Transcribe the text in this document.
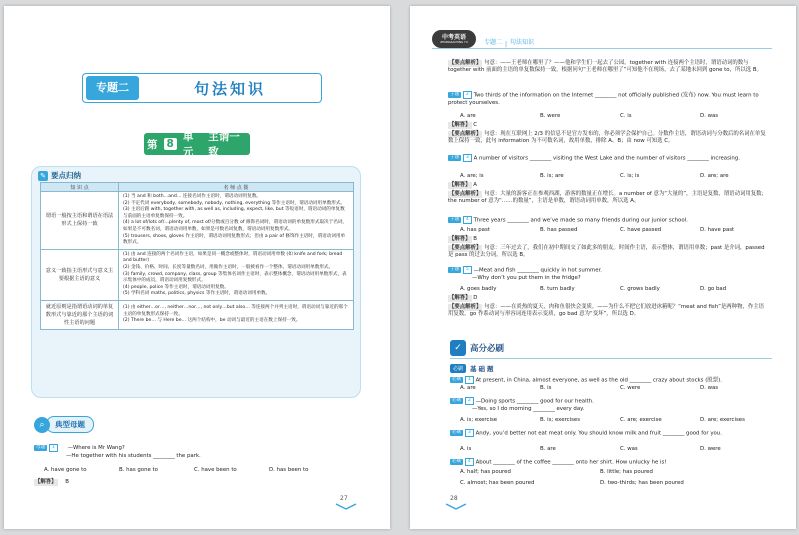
专题二	句法知识
第 8
单元
主谓一致
✎ 要点归纳
知 识 点	名 师 点 拨
谓语一般按主语和谓语在语法形式上保持一致	(1) 当 and 和 both…and… 连接名词作主语时，谓语动词用复数。
(2) 不定代词 everybody, somebody, nobody, nothing, everything 等作主语时，谓语动词用单数形式。
(3) 主语后跟 with, together with, as well as, including, expect, like, but 等短语时，谓语动词的单复数与前面的主语单复数保持一致。
(4) a lot of/lots of/…plenty of, most of/分数或百分数 of 修饰名词时，谓语动词的单复数形式取决于名词，如果是不可数名词，谓语动词用单数，如果是可数名词复数，谓语动词用复数形式。
(5) trousers, shoes, gloves 作主语时，谓语动词用复数形式；但由 a pair of 修饰作主语时，谓语动词用单数形式。

意义一致指主语形式与意义主要根据主语的意义	(1) 由 and 连接的两个名词作主语，如果是同一概念或整体时，谓语动词用单数 (如 knife and fork; bread and butter)
(2) 金钱、价格、时间、长度等量数名词，用做作主语时，一般被看作一个整体，谓语动词用单数形式。
(3) family, crowd, company, class, group 等集体名词作主语时，表示整体概念，谓语动词用单数形式，表示集体中的成员，谓语动词用复数形式。
(4) people, police 等作主语时，谓语动词用复数。
(5) 学科名词 maths, politics, physics 等作主语时，谓语动词用单数。

就近原则是指谓语动词的单复数形式与靠近的那个主语的词性主语的问题	(1) 由 either…or…, neither…nor…, not only…but also… 等连接两个并列主语时，谓语动词与靠近的那个主语的单复数形式保持一致。
(2) There be… 与 Here be… 这两个结构中，be 动词与最近的主语在数上保持一致。
⌕	典型母题
母题 1 —Where is Mr Wang?
—He together with his students ________ the park.
A. have gone to	B. has gone to	C. have been to	D. has been to
【解答】 B
27
中考英语
ZHONGKAOYING YU	专题二 | 句法知识
【要点解析】 句意：——王老师在哪里了？——他和学生们一起去了公园。together with 连接两个主语时，谓语动词的数与 together with 前面的主语的单复数保持一致，根据问句“王老师在哪里了”可知他不在现场，去了某地未回到 gone to，所以选 B。
子题 2 Two thirds of the information on the Internet ________ not officially published (发布) now. You must learn to protect yourselves.
A. are	B. were	C. is	D. was
【解答】 C
【要点解析】 句意：现在互联网上 2/3 的信息不是官方发布的，你必须学会保护自己。分数作主语，谓语动词与分数后的名词在单复数上保持一致，此句 information 为不可数名词，故用单数，排除 A、B；由 now 可知选 C。
子题 3 A number of visitors ________ visiting the West Lake and the number of visitors ________ increasing.
A. are; is	B. is; are	C. is; is	D. are; are
【解答】 A
【要点解析】 句意：大量的游客正在参观西湖，游客的数量正在增长。a number of 意为“大量的”，主语是复数，谓语动词用复数；the number of 意为“……的数量”，主语是单数，谓语动词用单数，所以选 A。
子题 4 Three years ________ and we’ve made so many friends during our junior school.
A. has past	B. has passed	C. have passed	D. have past
【解答】 B
【要点解析】 句意：三年过去了，我们在初中期间交了如此多的朋友。时间作主语，表示整体，谓语用单数；past 是介词，passed 是 pass 的过去分词，所以选 B。
子题 5 —Meat and fish ________ quickly in hot summer.
—Why don’t you put them in the fridge?
A. goes badly	B. turn badly	C. grows badly	D. go bad
【解答】 D
【要点解析】 句意：——在炎热的夏天，肉和鱼很快会变质。——为什么不把它们放进冰箱呢？“meat and fish”是两种物，作主语用复数，go 作系动词与形容词连用表示变质，go bad 意为“变坏”，所以选 D。
✓ 高分必刷
必刷	基础题
必刷 1 At present, in China, almost everyone, as well as the old ________ crazy about stocks (股票).
A. are	B. is	C. were	D. was
必刷 2 —Doing sports ________ good for our health.
—Yes, so I do morning ________ every day.
A. is; exercise	B. is; exercises	C. are; exercise	D. are; exercises
必刷 3 Andy, you’d better not eat meat only. You should know milk and fruit ________ good for you.
A. is	B. are	C. was	D. were
必刷 4 About ________ of the coffee ________ onto her shirt. How unlucky he is!
A. half; has poured	B. little; has poured
C. almost; has been poured	D. two-thirds; has been poured
28
